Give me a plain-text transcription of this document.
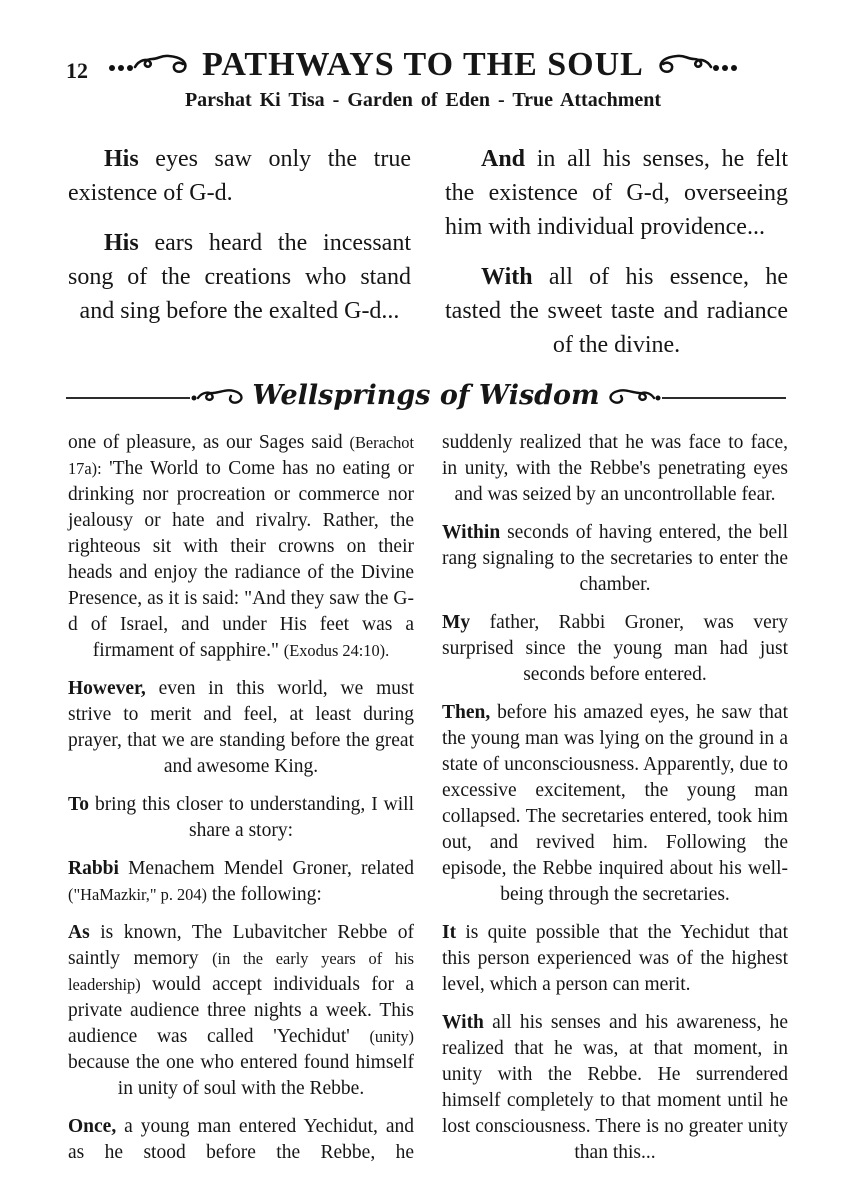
12	PATHWAYS TO THE SOUL
Parshat Ki Tisa - Garden of Eden - True Attachment

His eyes saw only the true existence of G-d.

His ears heard the incessant song of the creations who stand and sing before the exalted G-d...

And in all his senses, he felt the existence of G-d, overseeing him with individual providence...

With all of his essence, he tasted the sweet taste and radiance of the divine.

Wellsprings of Wisdom

one of pleasure, as our Sages said (Berachot 17a): 'The World to Come has no eating or drinking nor procreation or commerce nor jealousy or hate and rivalry. Rather, the righteous sit with their crowns on their heads and enjoy the radiance of the Divine Presence, as it is said: "And they saw the G-d of Israel, and under His feet was a firmament of sapphire." (Exodus 24:10).

However, even in this world, we must strive to merit and feel, at least during prayer, that we are standing before the great and awesome King.

To bring this closer to understanding, I will share a story:

Rabbi Menachem Mendel Groner, related ("HaMazkir," p. 204) the following:

As is known, The Lubavitcher Rebbe of saintly memory (in the early years of his leadership) would accept individuals for a private audience three nights a week. This audience was called 'Yechidut' (unity) because the one who entered found himself in unity of soul with the Rebbe.

Once, a young man entered Yechidut, and as he stood before the Rebbe, he

suddenly realized that he was face to face, in unity, with the Rebbe's penetrating eyes and was seized by an uncontrollable fear.

Within seconds of having entered, the bell rang signaling to the secretaries to enter the chamber.

My father, Rabbi Groner, was very surprised since the young man had just seconds before entered.

Then, before his amazed eyes, he saw that the young man was lying on the ground in a state of unconsciousness. Apparently, due to excessive excitement, the young man collapsed. The secretaries entered, took him out, and revived him. Following the episode, the Rebbe inquired about his well-being through the secretaries.

It is quite possible that the Yechidut that this person experienced was of the highest level, which a person can merit.

With all his senses and his awareness, he realized that he was, at that moment, in unity with the Rebbe. He surrendered himself completely to that moment until he lost consciousness. There is no greater unity than this...
